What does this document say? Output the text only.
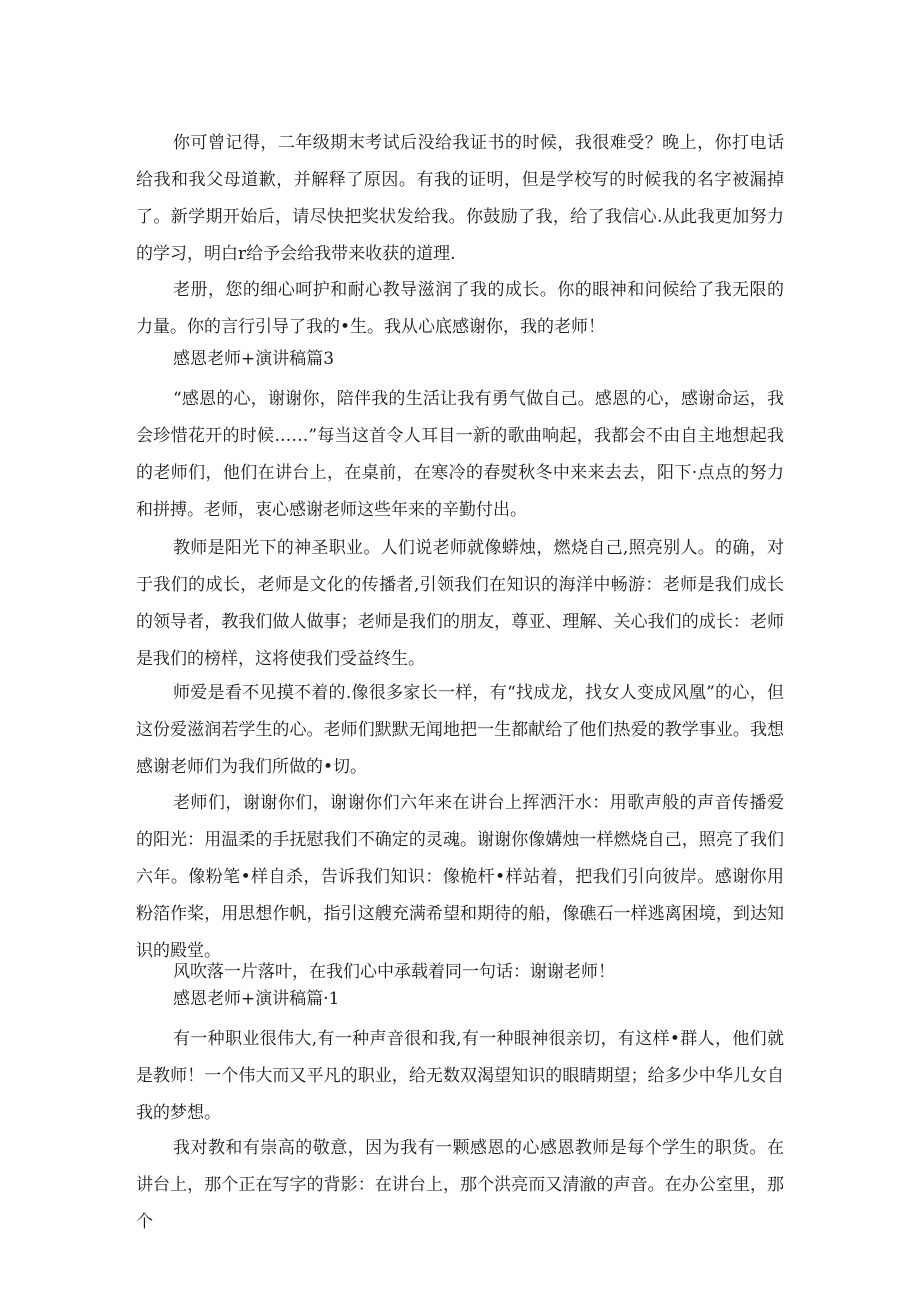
你可曾记得，二年级期末考试后没给我证书的时候，我很难受？晚上，你打电话给我和我父母道歉，并解释了原因。有我的证明，但是学校写的时候我的名字被漏掉了。新学期开始后，请尽快把奖状发给我。你鼓励了我，给了我信心.从此我更加努力的学习，明白r给予会给我带来收获的道理.

老册，您的细心呵护和耐心教导滋润了我的成长。你的眼神和问候给了我无限的力量。你的言行引导了我的•生。我从心底感谢你，我的老师！

感恩老师+演讲稿篇3

“感恩的心，谢谢你，陪伴我的生活让我有勇气做自己。感恩的心，感谢命运，我会珍惜花开的时候……”每当这首令人耳目一新的歌曲响起，我都会不由自主地想起我的老师们，他们在讲台上，在桌前，在寒冷的春熨秋冬中来来去去，阳下·点点的努力和拼搏。老师，衷心感谢老师这些年来的辛勤付出。

教师是阳光下的神圣职业。人们说老师就像蟒烛，燃烧自己,照亮别人。的确，对于我们的成长，老师是文化的传播者,引领我们在知识的海洋中畅游：老师是我们成长的领导者，教我们做人做事；老师是我们的朋友，尊亚、理解、关心我们的成长：老师是我们的榜样，这将使我们受益终生。

师爱是看不见摸不着的.像很多家长一样，有“找成龙，找女人变成风凰”的心，但这份爱滋润若学生的心。老师们默默无闻地把一生都献给了他们热爱的教学事业。我想感谢老师们为我们所做的•切。

老师们，谢谢你们，谢谢你们六年来在讲台上挥洒汗水：用歌声般的声音传播爱的阳光：用温柔的手抚慰我们不确定的灵魂。谢谢你像媾烛一样燃烧自己，照亮了我们六年。像粉笔•样自杀，告诉我们知识：像桅杆•样站着，把我们引向彼岸。感谢你用粉箔作桨，用思想作帆，指引这艘充满希望和期待的船，像礁石一样逃离困境，到达知识的殿堂。

风吹落一片落叶，在我们心中承载着同一句话：谢谢老师！

感恩老师+演讲稿篇·1

有一种职业很伟大,有一种声音很和我,有一种眼神很亲切，有这样•群人，他们就是教师！一个伟大而又平凡的职业，给无数双渴望知识的眼睛期望；给多少中华儿女自我的梦想。

我对教和有崇高的敬意，因为我有一颗感恩的心感恩教师是每个学生的职货。在讲台上，那个正在写字的背影：在讲台上，那个洪亮而又清澈的声音。在办公室里，那个
